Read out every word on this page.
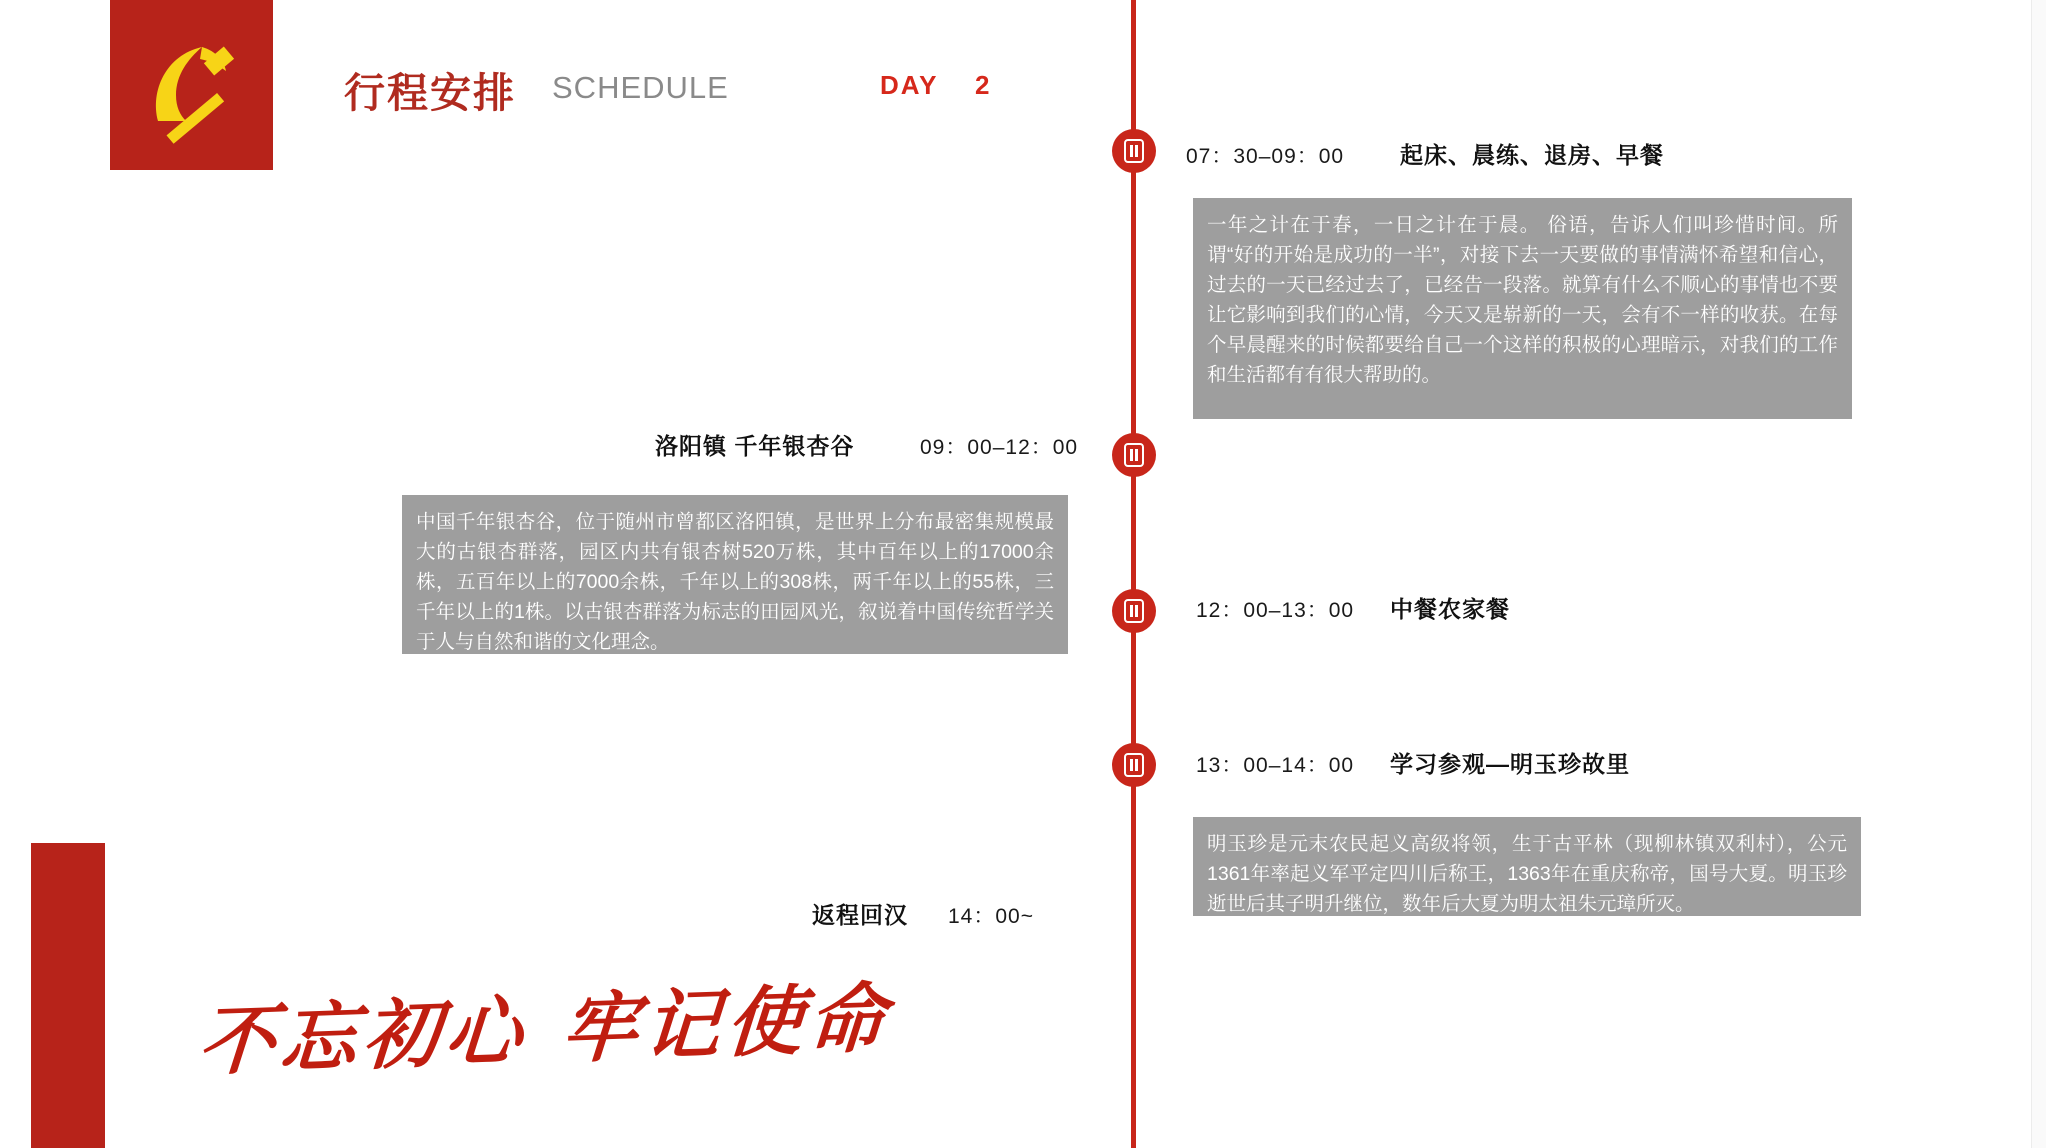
行程安排 SCHEDULE	DAY 2
07：30–09：00 起床、晨练、退房、早餐
一年之计在于春，一日之计在于晨。 俗语，告诉人们叫珍惜时间。所谓“好的开始是成功的一半”，对接下去一天要做的事情满怀希望和信心，过去的一天已经过去了，已经告一段落。就算有什么不顺心的事情也不要让它影响到我们的心情，今天又是崭新的一天，会有不一样的收获。在每个早晨醒来的时候都要给自己一个这样的积极的心理暗示，对我们的工作和生活都有有很大帮助的。
12：00–13：00 中餐农家餐
13：00–14：00 学习参观—明玉珍故里
明玉珍是元末农民起义高级将领，生于古平林（现柳林镇双利村），公元1361年率起义军平定四川后称王，1363年在重庆称帝，国号大夏。明玉珍逝世后其子明升继位，数年后大夏为明太祖朱元璋所灭。
洛阳镇 千年银杏谷	09：00–12：00
中国千年银杏谷，位于随州市曾都区洛阳镇，是世界上分布最密集规模最大的古银杏群落，园区内共有银杏树520万株，其中百年以上的17000余株，五百年以上的7000余株，千年以上的308株，两千年以上的55株，三千年以上的1株。以古银杏群落为标志的田园风光，叙说着中国传统哲学关于人与自然和谐的文化理念。
返程回汉 14：00~
不忘初心 牢记使命
